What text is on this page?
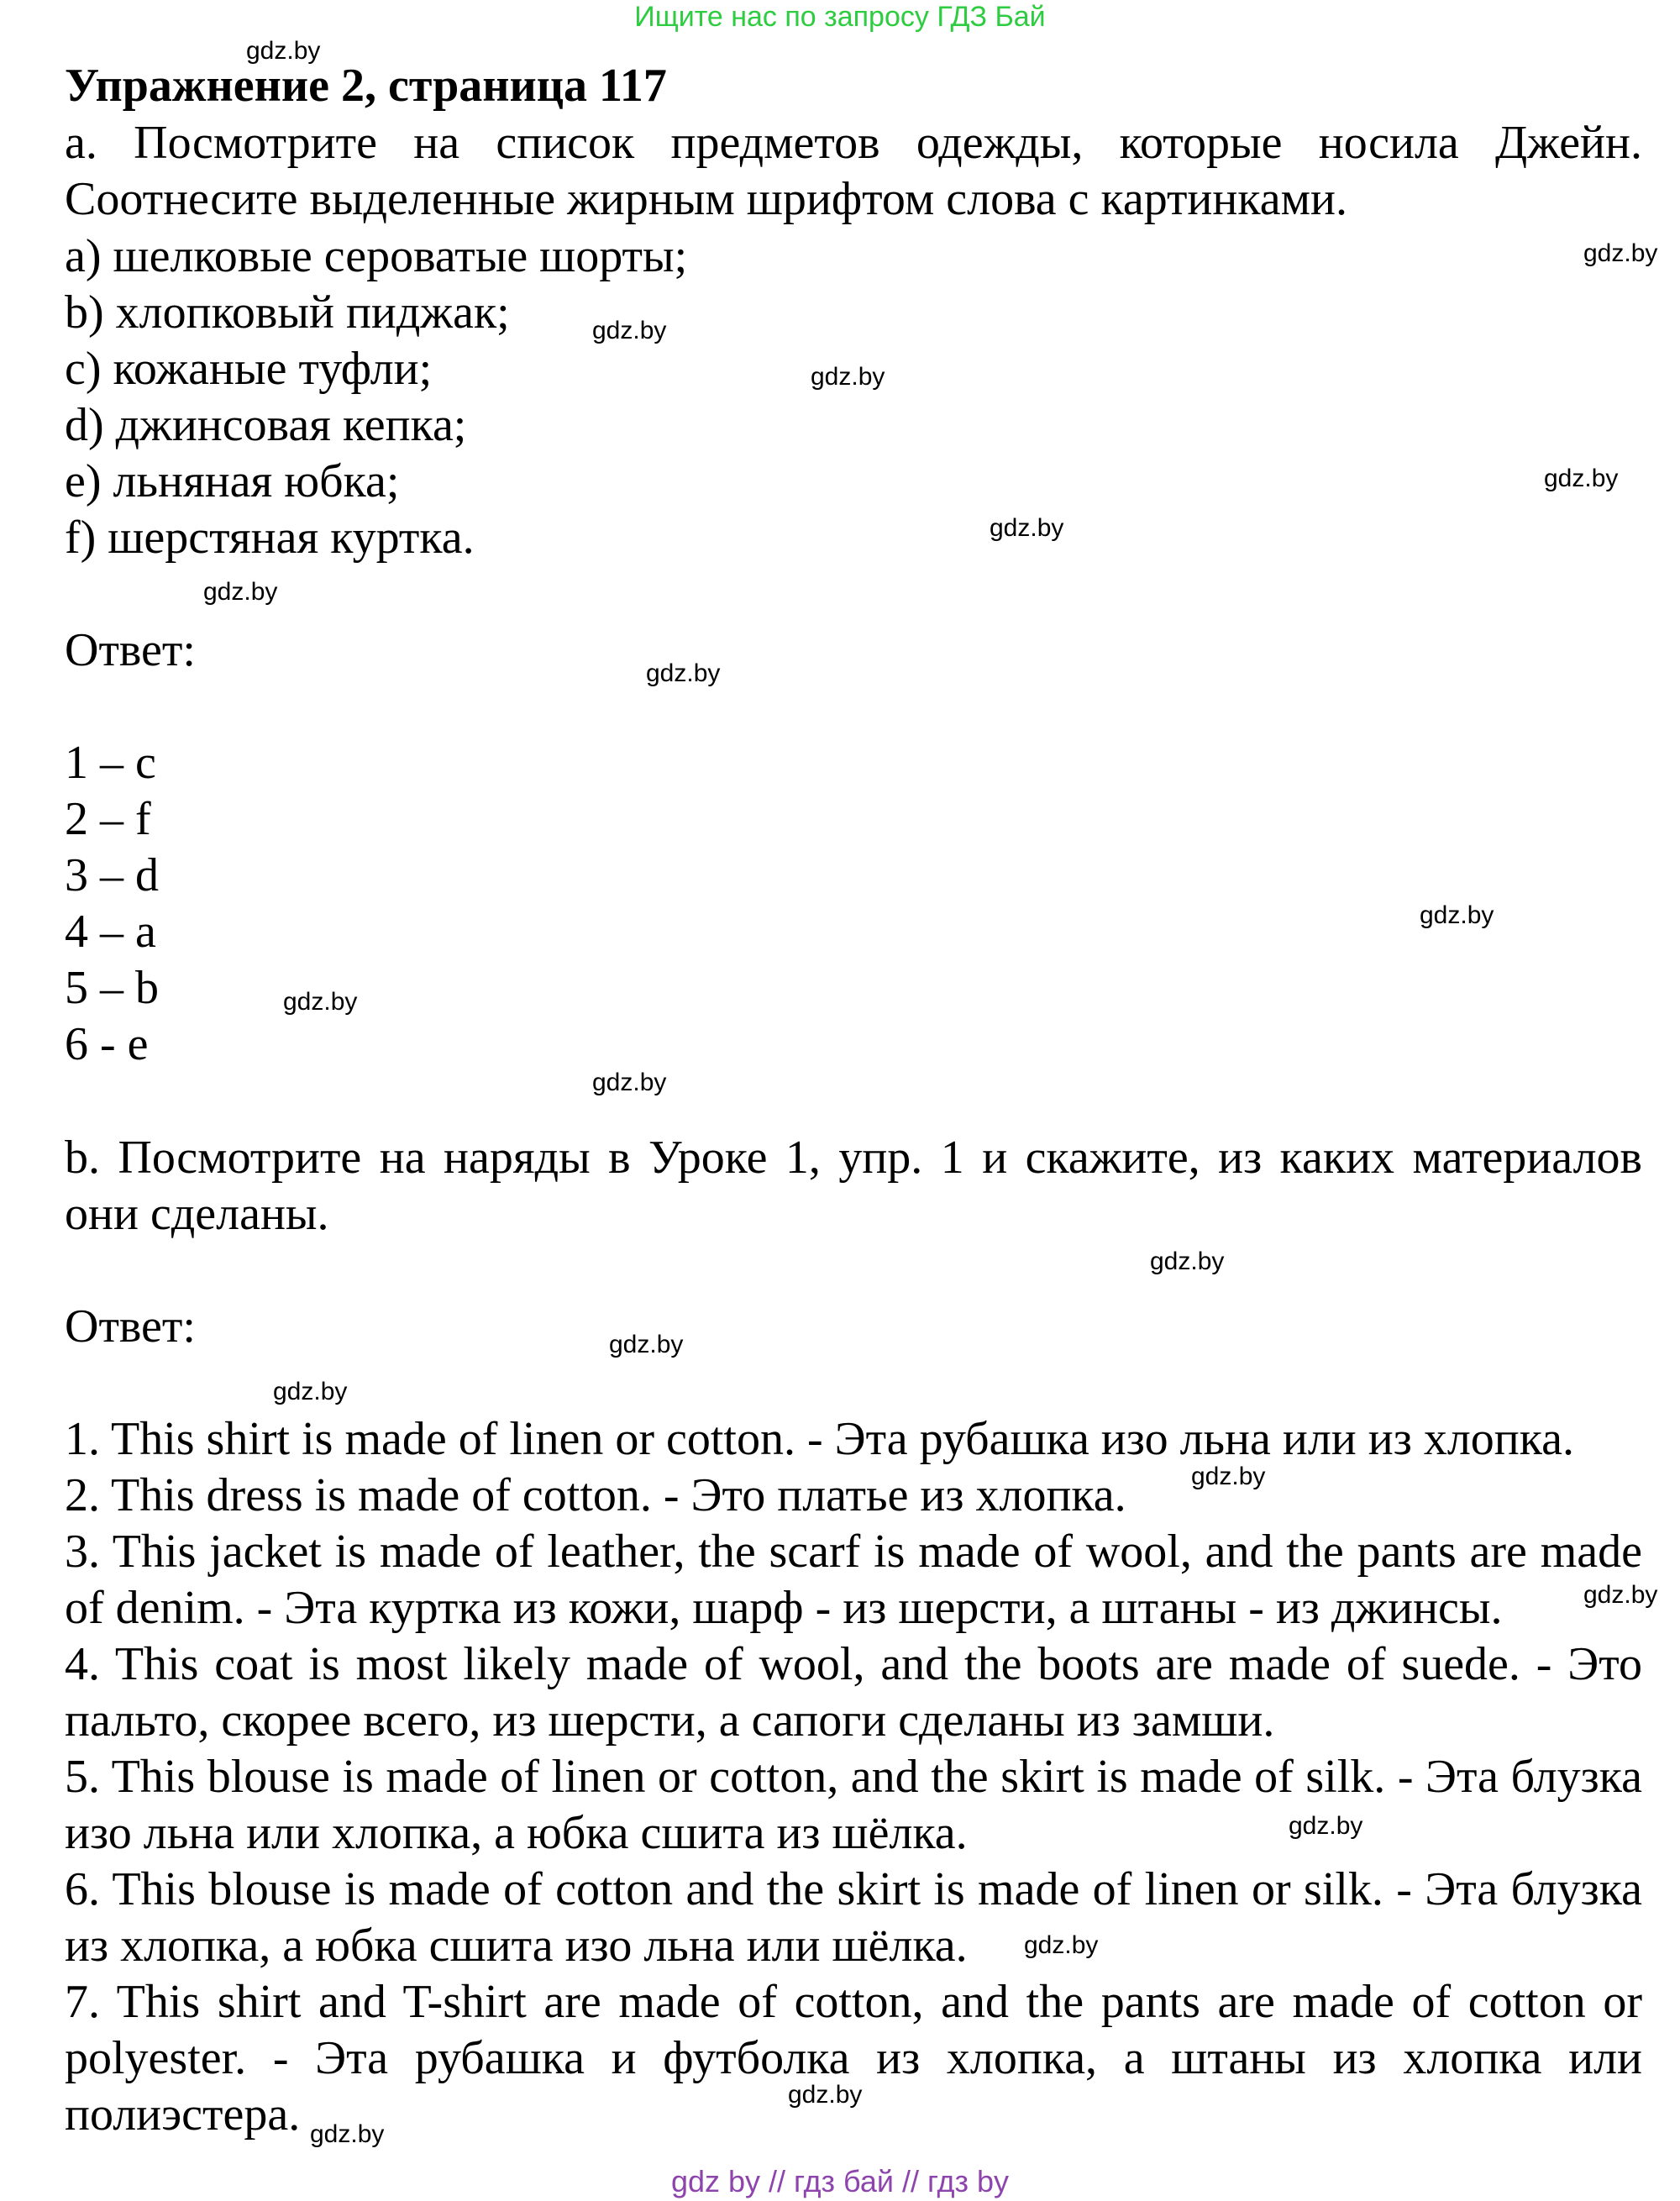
Ищите нас по запросу ГДЗ Бай
Упражнение 2, страница 117
a. Посмотрите на список предметов одежды, которые носила Джейн. Соотнесите выделенные жирным шрифтом слова с картинками.
a) шелковые сероватые шорты;
b) хлопковый пиджак;
c) кожаные туфли;
d) джинсовая кепка;
e) льняная юбка;
f) шерстяная куртка.
Ответ:
1 – c
2 – f
3 – d
4 – a
5 – b
6 - e
b. Посмотрите на наряды в Уроке 1, упр. 1 и скажите, из каких материалов они сделаны.
Ответ:
1. This shirt is made of linen or cotton. - Эта рубашка изо льна или из хлопка.
2. This dress is made of cotton. - Это платье из хлопка.
3. This jacket is made of leather, the scarf is made of wool, and the pants are made of denim. - Эта куртка из кожи, шарф - из шерсти, а штаны - из джинсы.
4. This coat is most likely made of wool, and the boots are made of suede. - Это пальто, скорее всего, из шерсти, а сапоги сделаны из замши.
5. This blouse is made of linen or cotton, and the skirt is made of silk. - Эта блузка изо льна или хлопка, а юбка сшита из шёлка.
6. This blouse is made of cotton and the skirt is made of linen or silk. - Эта блузка из хлопка, а юбка сшита изо льна или шёлка.
7. This shirt and T-shirt are made of cotton, and the pants are made of cotton or polyester. - Эта рубашка и футболка из хлопка, а штаны из хлопка или полиэстера.
gdz.by
gdz.by
gdz.by
gdz.by
gdz.by
gdz.by
gdz.by
gdz.by
gdz.by
gdz.by
gdz.by
gdz.by
gdz.by
gdz.by
gdz.by
gdz.by
gdz.by
gdz.by
gdz.by
gdz.by
gdz by // гдз бай // гдз by
